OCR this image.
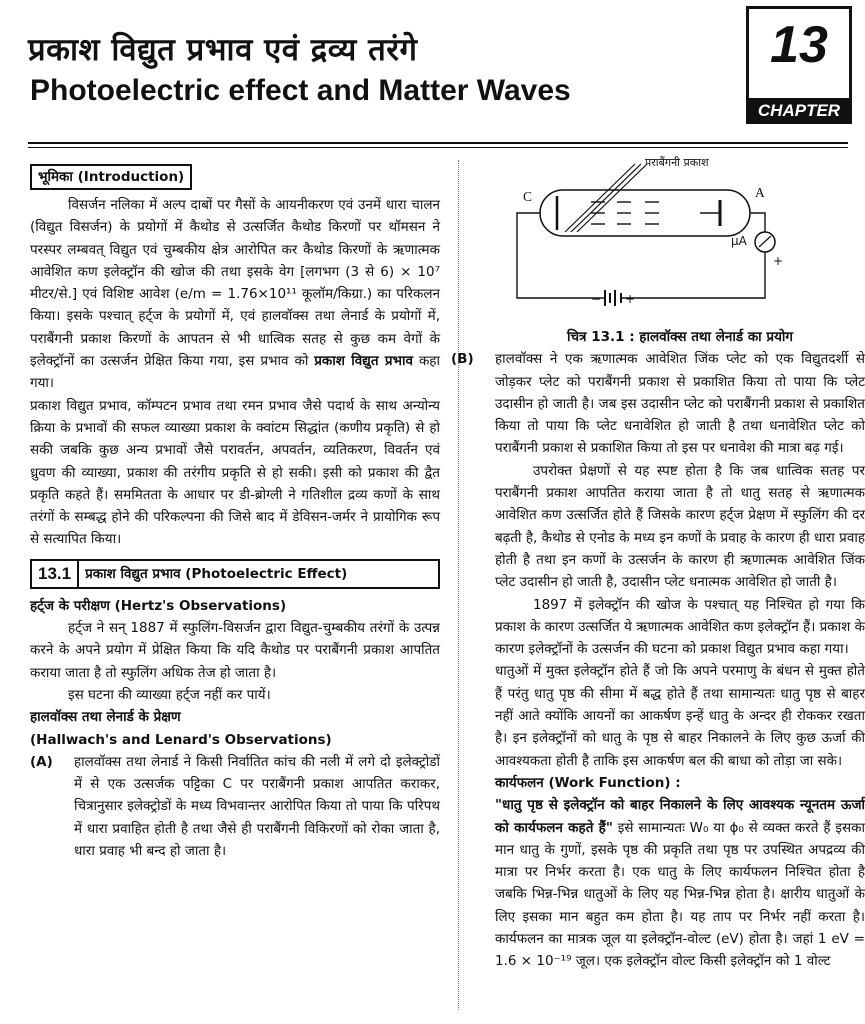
प्रकाश विद्युत प्रभाव एवं द्रव्य तरंगे
Photoelectric effect and Matter Waves
13
CHAPTER
भूमिका (Introduction)

विसर्जन नलिका में अल्प दाबों पर गैसों के आयनीकरण एवं उनमें धारा चालन (विद्युत विसर्जन) के प्रयोगों में कैथोड से उत्सर्जित कैथोड किरणों पर थॉमसन ने परस्पर लम्बवत् विद्युत एवं चुम्बकीय क्षेत्र आरोपित कर कैथोड किरणों के ऋणात्मक आवेशित कण इलेक्ट्रॉन की खोज की तथा इसके वेग [लगभग (3 से 6) × 10⁷ मीटर/से.] एवं विशिष्ट आवेश (e/m = 1.76×10¹¹ कूलॉम/किग्रा.) का परिकलन किया। इसके पश्चात् हर्ट्ज के प्रयोगों में, एवं हालवॉक्स तथा लेनार्ड के प्रयोगों में, पराबैंगनी प्रकाश किरणों के आपतन से भी धात्विक सतह से कुछ कम वेगों के इलेक्ट्रॉनों का उत्सर्जन प्रेक्षित किया गया, इस प्रभाव को प्रकाश विद्युत प्रभाव कहा गया।

प्रकाश विद्युत प्रभाव, कॉम्पटन प्रभाव तथा रमन प्रभाव जैसे पदार्थ के साथ अन्योन्य क्रिया के प्रभावों की सफल व्याख्या प्रकाश के क्वांटम सिद्धांत (कणीय प्रकृति) से हो सकी जबकि कुछ अन्य प्रभावों जैसे परावर्तन, अपवर्तन, व्यतिकरण, विवर्तन एवं ध्रुवण की व्याख्या, प्रकाश की तरंगीय प्रकृति से हो सकी। इसी को प्रकाश की द्वैत प्रकृति कहते हैं। सममितता के आधार पर डी-ब्रोग्ली ने गतिशील द्रव्य कणों के साथ तरंगों के सम्बद्ध होने की परिकल्पना की जिसे बाद में डेविसन-जर्मर ने प्रायोगिक रूप से सत्यापित किया।

13.1	प्रकाश विद्युत प्रभाव (Photoelectric Effect)

हर्ट्ज के परीक्षण (Hertz's Observations)

हर्ट्ज ने सन् 1887 में स्फुलिंग-विसर्जन द्वारा विद्युत-चुम्बकीय तरंगों के उत्पन्न करने के अपने प्रयोग में प्रेक्षित किया कि यदि कैथोड पर पराबैंगनी प्रकाश आपतित कराया जाता है तो स्फुलिंग अधिक तेज हो जाता है।

इस घटना की व्याख्या हर्ट्ज नहीं कर पायें।

हालवॉक्स तथा लेनार्ड के प्रेक्षण

(Hallwach's and Lenard's Observations)

(A)	हालवॉक्स तथा लेनार्ड ने किसी निर्वातित कांच की नली में लगे दो इलेक्ट्रोडों में से एक उत्सर्जक पट्टिका C पर पराबैंगनी प्रकाश आपतित कराकर, चित्रानुसार इलेक्ट्रोडों के मध्य विभवान्तर आरोपित किया तो पाया कि परिपथ में धारा प्रवाहित होती है तथा जैसे ही पराबैंगनी विकिरणों को रोका जाता है, धारा प्रवाह भी बन्द हो जाता है।
पराबैंगनी प्रकाश
C	A
μA
+
− +

चित्र 13.1 : हालवॉक्स तथा लेनार्ड का प्रयोग

(B) हालवॉक्स ने एक ऋणात्मक आवेशित जिंक प्लेट को एक विद्युतदर्शी से जोड़कर प्लेट को पराबैंगनी प्रकाश से प्रकाशित किया तो पाया कि प्लेट उदासीन हो जाती है। जब इस उदासीन प्लेट को पराबैंगनी प्रकाश से प्रकाशित किया तो पाया कि प्लेट धनावेशित हो जाती है तथा धनावेशित प्लेट को पराबैंगनी प्रकाश से प्रकाशित किया तो इस पर धनावेश की मात्रा बढ़ गई।

उपरोक्त प्रेक्षणों से यह स्पष्ट होता है कि जब धात्विक सतह पर पराबैंगनी प्रकाश आपतित कराया जाता है तो धातु सतह से ऋणात्मक आवेशित कण उत्सर्जित होते हैं जिसके कारण हर्ट्ज प्रेक्षण में स्फुलिंग की दर बढ़ती है, कैथोड से एनोड के मध्य इन कणों के प्रवाह के कारण ही धारा प्रवाह होती है तथा इन कणों के उत्सर्जन के कारण ही ऋणात्मक आवेशित जिंक प्लेट उदासीन हो जाती है, उदासीन प्लेट धनात्मक आवेशित हो जाती है।

1897 में इलेक्ट्रॉन की खोज के पश्चात् यह निश्चित हो गया कि प्रकाश के कारण उत्सर्जित ये ऋणात्मक आवेशित कण इलेक्ट्रॉन हैं। प्रकाश के कारण इलेक्ट्रॉनों के उत्सर्जन की घटना को प्रकाश विद्युत प्रभाव कहा गया।

धातुओं में मुक्त इलेक्ट्रॉन होते हैं जो कि अपने परमाणु के बंधन से मुक्त होते हैं परंतु धातु पृष्ठ की सीमा में बद्ध होते हैं तथा सामान्यतः धातु पृष्ठ से बाहर नहीं आते क्योंकि आयनों का आकर्षण इन्हें धातु के अन्दर ही रोककर रखता है। इन इलेक्ट्रॉनों को धातु के पृष्ठ से बाहर निकालने के लिए कुछ ऊर्जा की आवश्यकता होती है ताकि इस आकर्षण बल की बाधा को तोड़ा जा सके।

कार्यफलन (Work Function) :

"धातु पृष्ठ से इलेक्ट्रॉन को बाहर निकालने के लिए आवश्यक न्यूनतम ऊर्जा को कार्यफलन कहते हैं" इसे सामान्यतः W₀ या ϕ₀ से व्यक्त करते हैं इसका मान धातु के गुणों, इसके पृष्ठ की प्रकृति तथा पृष्ठ पर उपस्थित अपद्रव्य की मात्रा पर निर्भर करता है। एक धातु के लिए कार्यफलन निश्चित होता है जबकि भिन्न-भिन्न धातुओं के लिए यह भिन्न-भिन्न होता है। क्षारीय धातुओं के लिए इसका मान बहुत कम होता है। यह ताप पर निर्भर नहीं करता है। कार्यफलन का मात्रक जूल या इलेक्ट्रॉन-वोल्ट (eV) होता है। जहां 1 eV = 1.6 × 10⁻¹⁹ जूल। एक इलेक्ट्रॉन वोल्ट किसी इलेक्ट्रॉन को 1 वोल्ट
